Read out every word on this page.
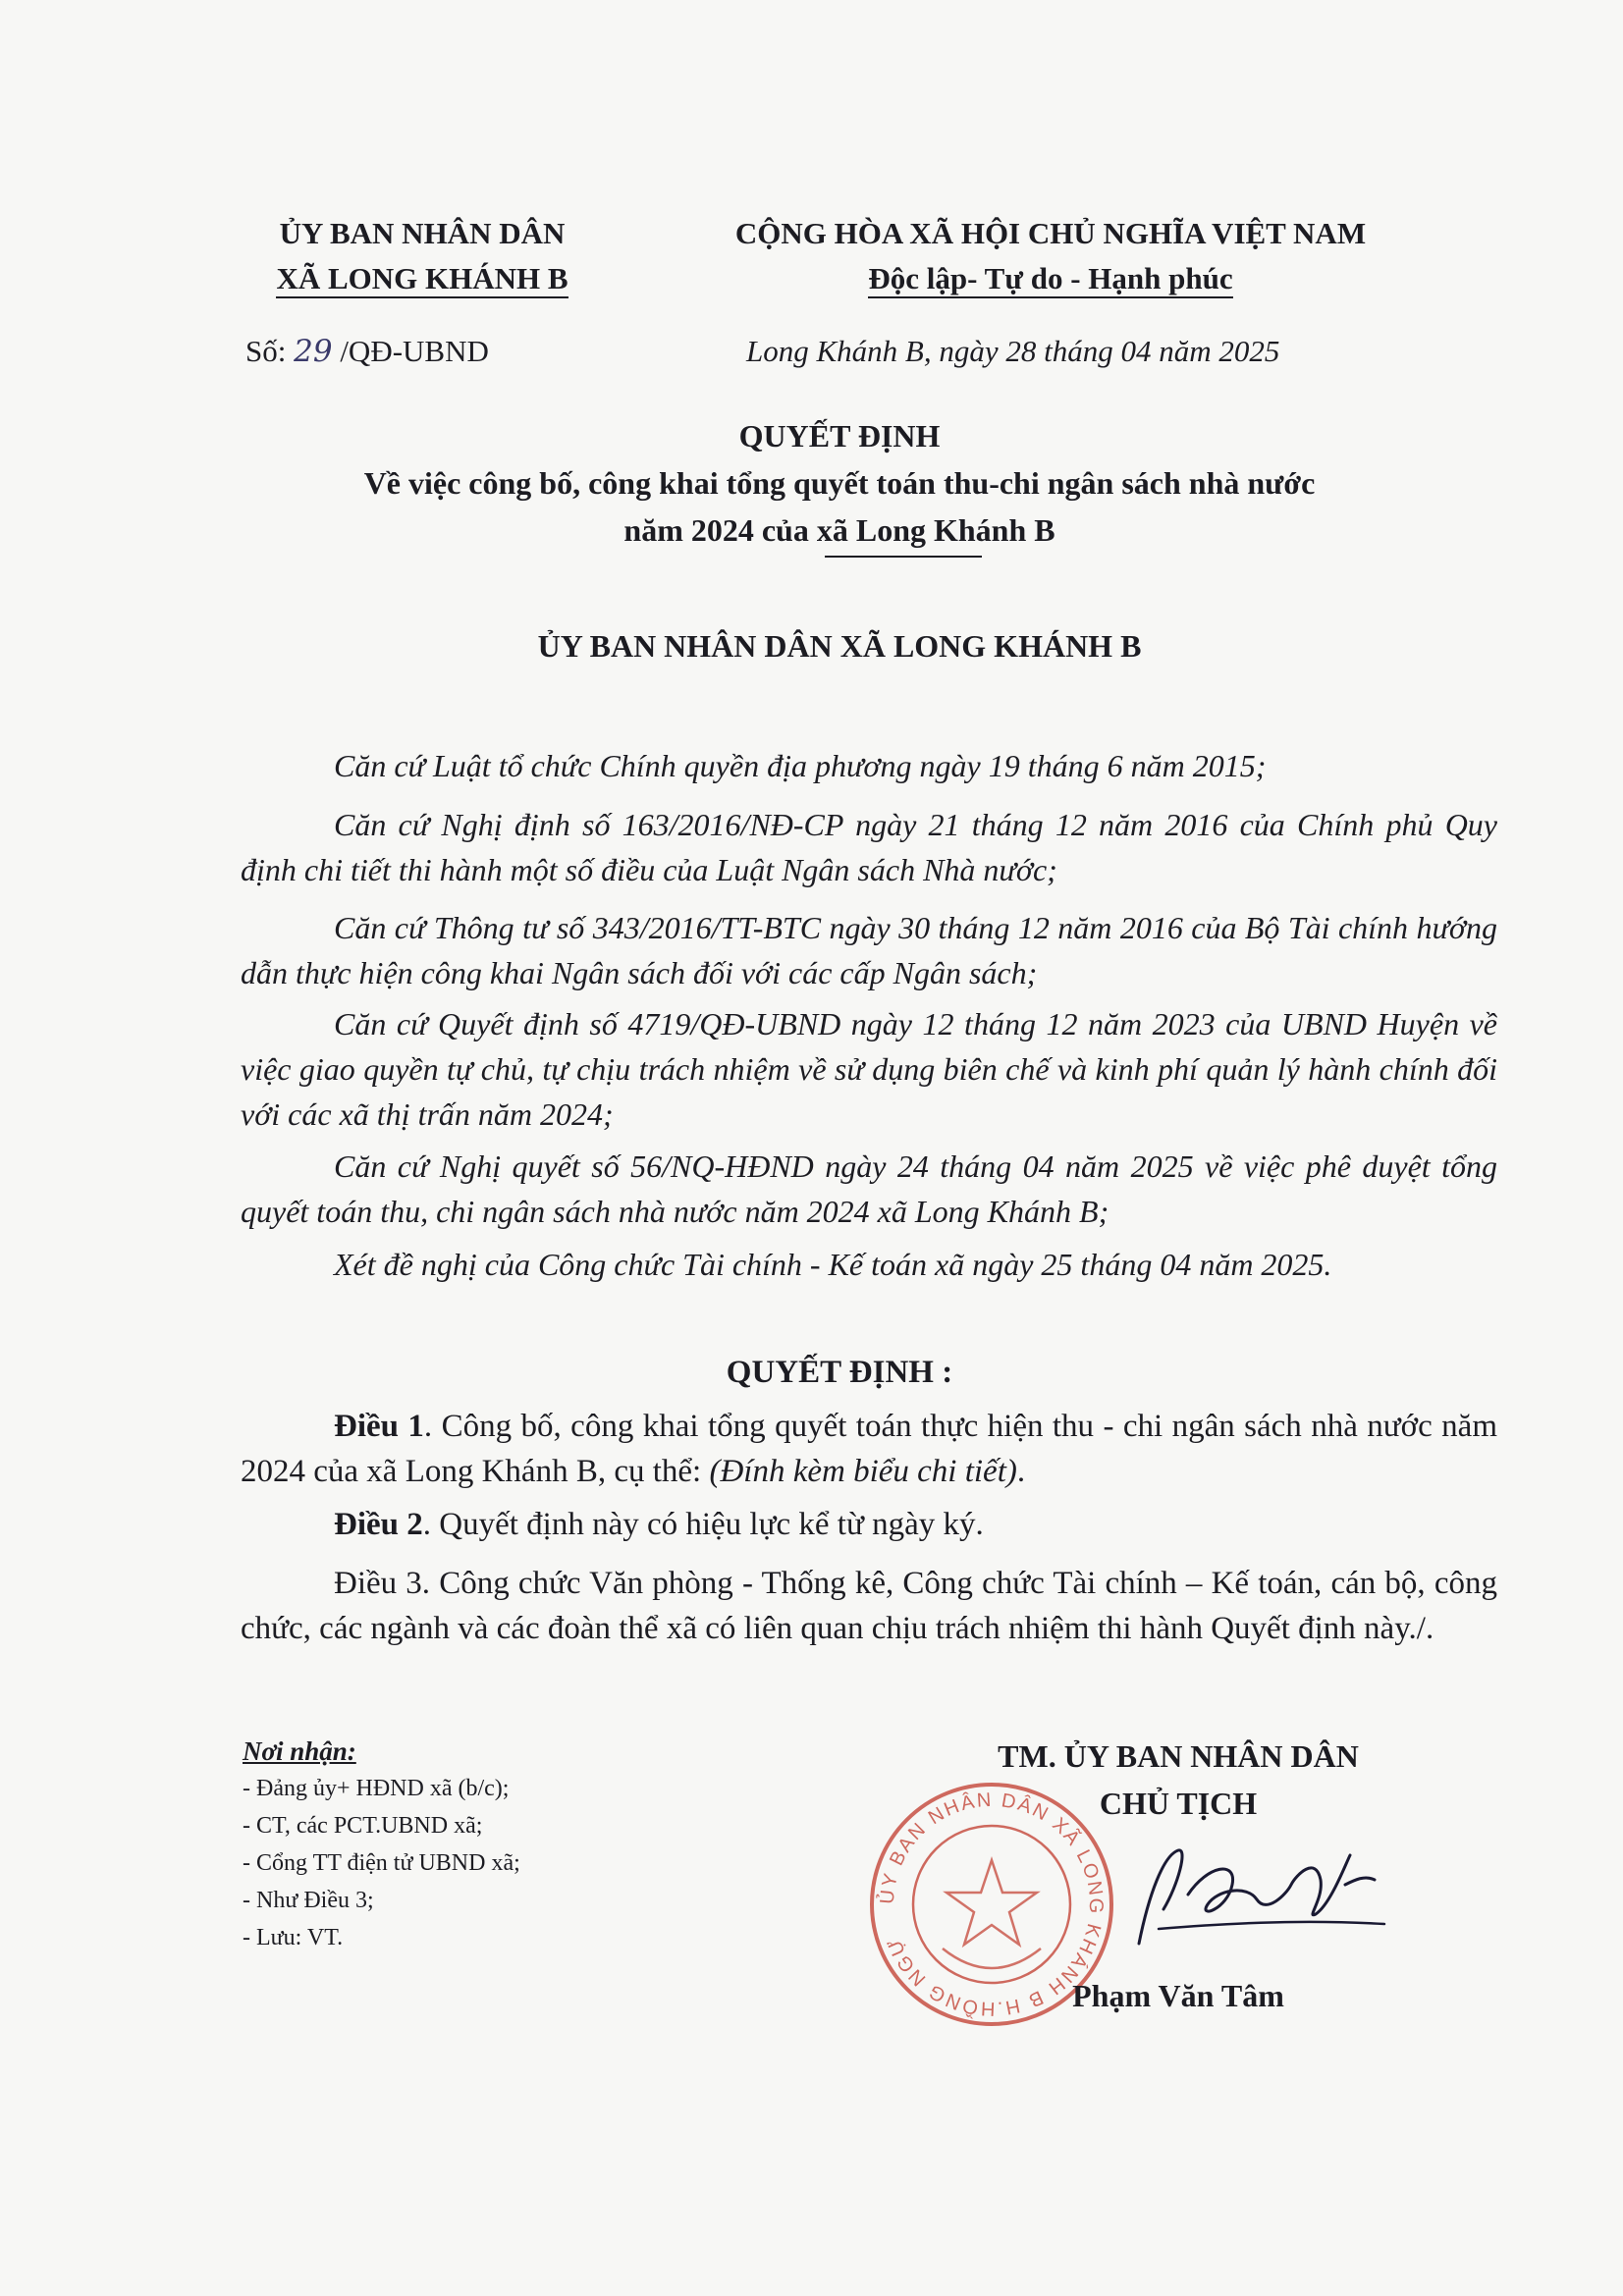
ỦY BAN NHÂN DÂN
XÃ LONG KHÁNH B
CỘNG HÒA XÃ HỘI CHỦ NGHĨA VIỆT NAM
Độc lập- Tự do - Hạnh phúc
Số: 29 /QĐ-UBND	Long Khánh B, ngày 28 tháng 04 năm 2025
QUYẾT ĐỊNH
Về việc công bố, công khai tổng quyết toán thu-chi ngân sách nhà nước
năm 2024 của xã Long Khánh B
ỦY BAN NHÂN DÂN XÃ LONG KHÁNH B
Căn cứ Luật tổ chức Chính quyền địa phương ngày 19 tháng 6 năm 2015;
Căn cứ Nghị định số 163/2016/NĐ-CP ngày 21 tháng 12 năm 2016 của Chính phủ Quy định chi tiết thi hành một số điều của Luật Ngân sách Nhà nước;
Căn cứ Thông tư số 343/2016/TT-BTC ngày 30 tháng 12 năm 2016 của Bộ Tài chính hướng dẫn thực hiện công khai Ngân sách đối với các cấp Ngân sách;
Căn cứ Quyết định số 4719/QĐ-UBND ngày 12 tháng 12 năm 2023 của UBND Huyện về việc giao quyền tự chủ, tự chịu trách nhiệm về sử dụng biên chế và kinh phí quản lý hành chính đối với các xã thị trấn năm 2024;
Căn cứ Nghị quyết số 56/NQ-HĐND ngày 24 tháng 04 năm 2025 về việc phê duyệt tổng quyết toán thu, chi ngân sách nhà nước năm 2024 xã Long Khánh B;
Xét đề nghị của Công chức Tài chính - Kế toán xã ngày 25 tháng 04 năm 2025.
QUYẾT ĐỊNH :
Điều 1. Công bố, công khai tổng quyết toán thực hiện thu - chi ngân sách nhà nước năm 2024 của xã Long Khánh B, cụ thể: (Đính kèm biểu chi tiết).
Điều 2. Quyết định này có hiệu lực kể từ ngày ký.
Điều 3. Công chức Văn phòng - Thống kê, Công chức Tài chính – Kế toán, cán bộ, công chức, các ngành và các đoàn thể xã có liên quan chịu trách nhiệm thi hành Quyết định này./.
Nơi nhận:
- Đảng ủy+ HĐND xã (b/c);
- CT, các PCT.UBND xã;
- Cổng TT điện tử UBND xã;
- Như Điều 3;
- Lưu: VT.
TM. ỦY BAN NHÂN DÂN
CHỦ TỊCH
ỦY BAN NHÂN DÂN XÃ LONG KHÁNH B H.HỒNG NGỰ
Phạm Văn Tâm
